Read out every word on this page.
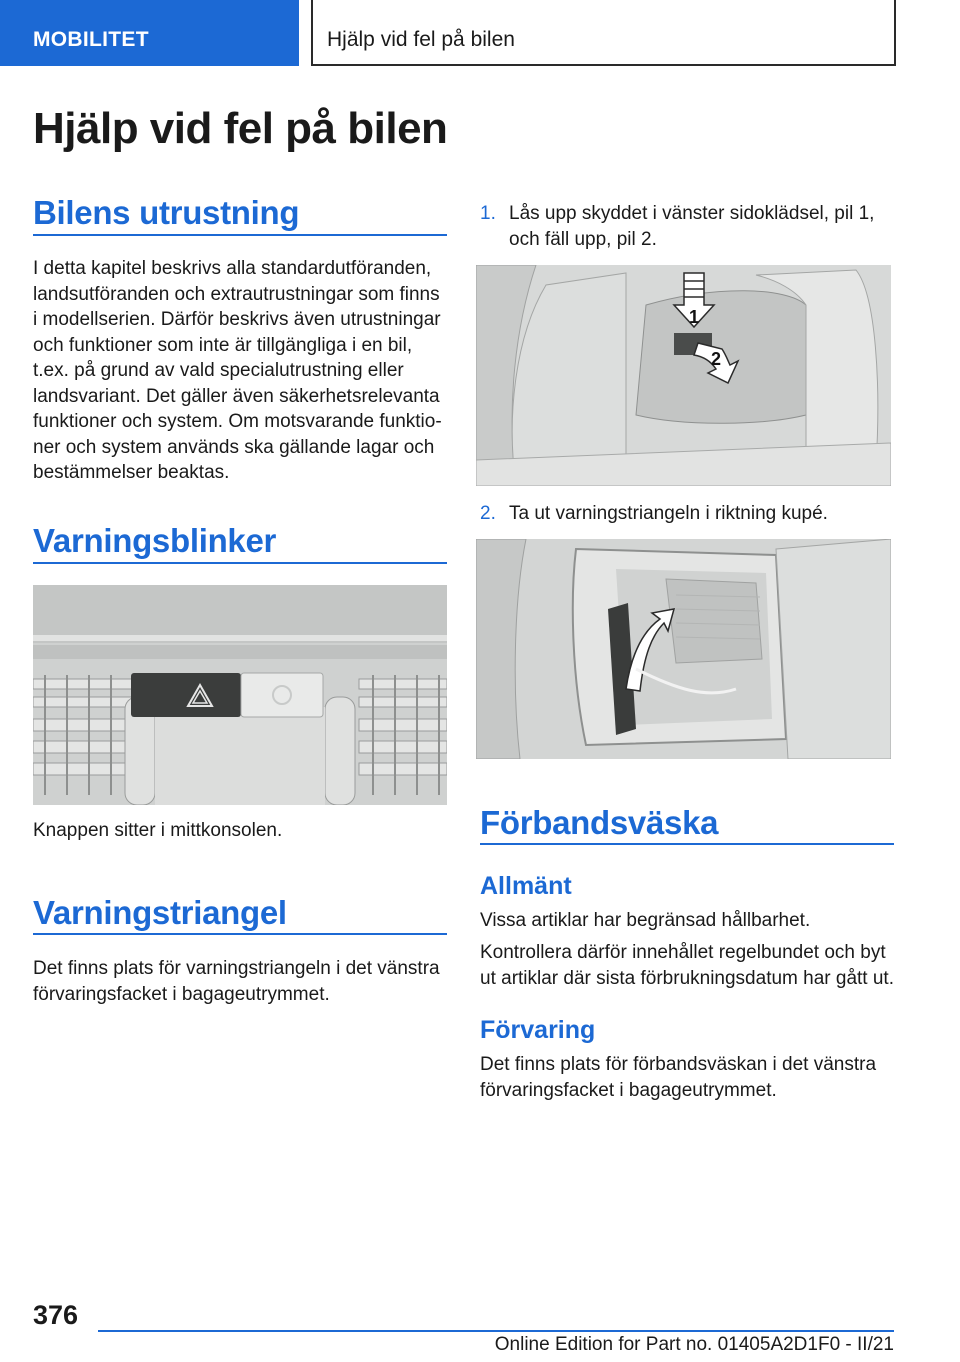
MOBILITET	Hjälp vid fel på bilen
Hjälp vid fel på bilen
Bilens utrustning

I detta kapitel beskrivs alla standardutföranden,

landsutföranden och extrautrustningar som finns

i modellserien. Därför beskrivs även utrustningar

och funktioner som inte är tillgängliga i en bil,

t.ex. på grund av vald specialutrustning eller

landsvariant. Det gäller även säkerhetsrelevanta

funktioner och system. Om motsvarande funktio-

ner och system används ska gällande lagar och

bestämmelser beaktas.

Varningsblinker

Knappen sitter i mittkonsolen.

Varningstriangel

Det finns plats för varningstriangeln i det vänstra

förvaringsfacket i bagageutrymmet.

1. Lås upp skyddet i vänster sidoklädsel, pil 1,

och fäll upp, pil 2.

1
2
2. Ta ut varningstriangeln i riktning kupé.

Förbandsväska
Allmänt

Vissa artiklar har begränsad hållbarhet.

Kontrollera därför innehållet regelbundet och byt

ut artiklar där sista förbrukningsdatum har gått ut.

Förvaring

Det finns plats för förbandsväskan i det vänstra

förvaringsfacket i bagageutrymmet.

376
Online Edition for Part no. 01405A2D1F0 - II/21
